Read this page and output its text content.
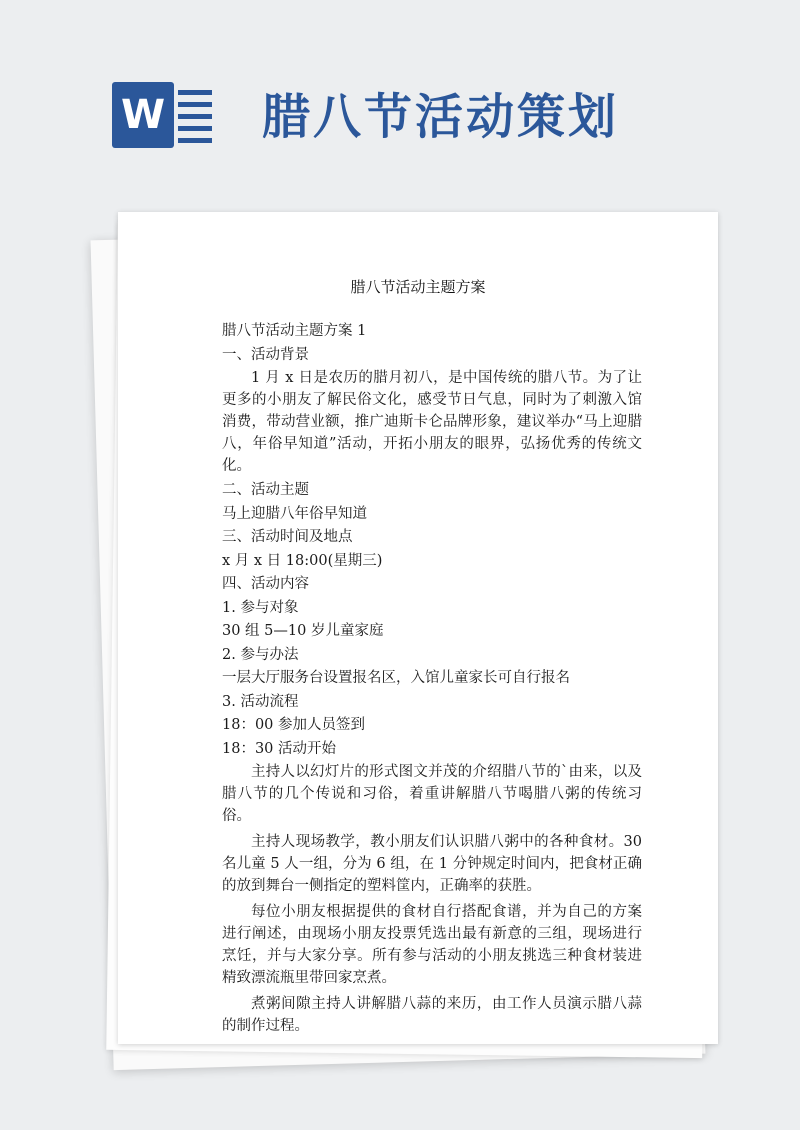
W 腊八节活动策划
腊八节活动主题方案
腊八节活动主题方案 1
一、活动背景

1 月 x 日是农历的腊月初八，是中国传统的腊八节。为了让更多的小朋友了解民俗文化，感受节日气息，同时为了刺激入馆消费，带动营业额，推广迪斯卡仑品牌形象，建议举办“马上迎腊八，年俗早知道”活动，开拓小朋友的眼界，弘扬优秀的传统文化。

二、活动主题
马上迎腊八年俗早知道
三、活动时间及地点
x 月 x 日 18:00(星期三)
四、活动内容
1. 参与对象
30 组 5—10 岁儿童家庭
2. 参与办法
一层大厅服务台设置报名区，入馆儿童家长可自行报名
3. 活动流程
18：00 参加人员签到
18：30 活动开始

主持人以幻灯片的形式图文并茂的介绍腊八节的`由来，以及腊八节的几个传说和习俗，着重讲解腊八节喝腊八粥的传统习俗。

主持人现场教学，教小朋友们认识腊八粥中的各种食材。30 名儿童 5 人一组，分为 6 组，在 1 分钟规定时间内，把食材正确的放到舞台一侧指定的塑料筐内，正确率的获胜。

每位小朋友根据提供的食材自行搭配食谱，并为自己的方案进行阐述，由现场小朋友投票凭选出最有新意的三组，现场进行烹饪，并与大家分享。所有参与活动的小朋友挑选三种食材装进精致漂流瓶里带回家烹煮。

煮粥间隙主持人讲解腊八蒜的来历，由工作人员演示腊八蒜的制作过程。
